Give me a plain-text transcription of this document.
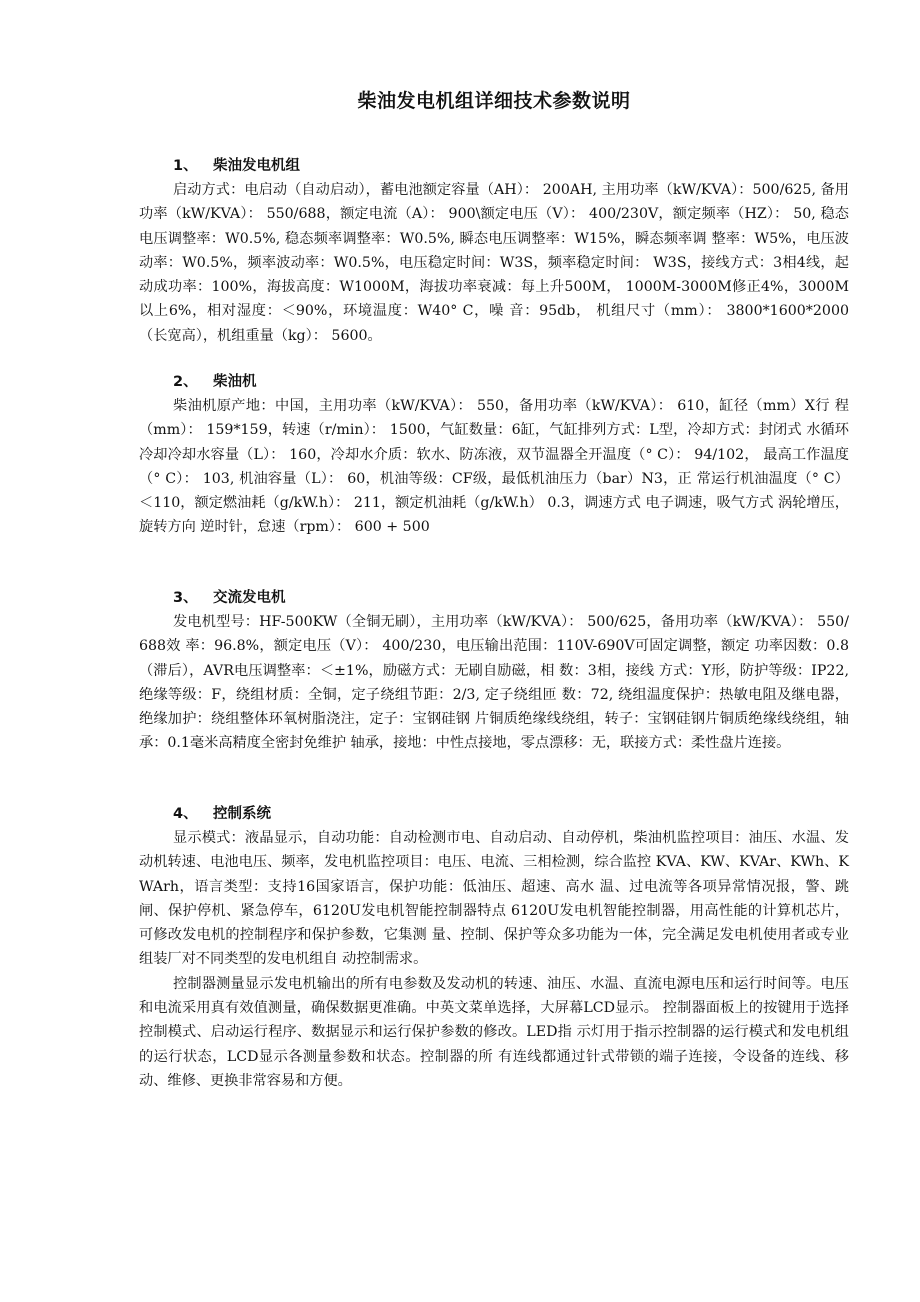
柴油发电机组详细技术参数说明
1、 柴油发电机组

启动方式：电启动（自动启动），蓄电池额定容量（AH）： 200AH, 主用功率（kW/KVA）：500/625, 备用功率（kW/KVA）： 550/688，额定电流（A）： 900\额定电压（V）： 400/230V，额定频率（HZ）： 50, 稳态电压调整率：W0.5%, 稳态频率调整率：W0.5%, 瞬态电压调整率：W15%，瞬态频率调 整率：W5%，电压波动率：W0.5%，频率波动率：W0.5%，电压稳定时间：W3S，频率稳定时间： W3S，接线方式：3相4线，起动成功率：100%，海拔高度：W1000M，海拔功率衰减：每上升500M， 1000M-3000M修正4%，3000M以上6%，相对湿度：＜90%，环境温度：W40° C，噪 音：95db， 机组尺寸（mm）： 3800*1600*2000（长宽高），机组重量（kg）： 5600。

2、 柴油机

柴油机原产地：中国，主用功率（kW/KVA）： 550，备用功率（kW/KVA）： 610，缸径（mm）X行 程（mm）： 159*159，转速（r/min）： 1500，气缸数量：6缸，气缸排列方式：L型，冷却方式：封闭式 水循环冷却冷却水容量（L）： 160，冷却水介质：软水、防冻液，双节温器全开温度（° C）： 94/102， 最高工作温度（° C）： 103, 机油容量（L）： 60，机油等级：CF级，最低机油压力（bar）N3，正 常运行机油温度（° C）＜110，额定燃油耗（g/kW.h）： 211，额定机油耗（g/kW.h） 0.3，调速方式 电子调速，吸气方式 涡轮增压，旋转方向 逆时针，怠速（rpm）： 600 + 500

3、 交流发电机

发电机型号：HF-500KW（全铜无刷），主用功率（kW/KVA）： 500/625，备用功率（kW/KVA）： 550/688效 率：96.8%，额定电压（V）： 400/230，电压输出范围：110V-690V可固定调整，额定 功率因数：0.8（滞后），AVR电压调整率：＜±1%，励磁方式：无刷自励磁，相 数：3相，接线 方式：Y形，防护等级：IP22, 绝缘等级：F，绕组材质：全铜，定子绕组节距：2/3, 定子绕组匝 数：72, 绕组温度保护：热敏电阻及继电器，绝缘加护：绕组整体环氧树脂浇注，定子：宝钢硅钢 片铜质绝缘线绕组，转子：宝钢硅钢片铜质绝缘线绕组，轴承：0.1毫米高精度全密封免维护 轴承，接地：中性点接地，零点漂移：无，联接方式：柔性盘片连接。

4、 控制系统

显示模式：液晶显示，自动功能：自动检测市电、自动启动、自动停机，柴油机监控项目：油压、水温、发动机转速、电池电压、频率，发电机监控项目：电压、电流、三相检测，综合监控 KVA、KW、KVAr、KWh、KWArh，语言类型：支持16国家语言，保护功能：低油压、超速、高水 温、过电流等各项异常情况报，警、跳闸、保护停机、紧急停车，6120U发电机智能控制器特点 6120U发电机智能控制器，用高性能的计算机芯片，可修改发电机的控制程序和保护参数，它集测 量、控制、保护等众多功能为一体，完全满足发电机使用者或专业组装厂对不同类型的发电机组自 动控制需求。

控制器测量显示发电机输出的所有电参数及发动机的转速、油压、水温、直流电源电压和运行时间等。电压和电流采用真有效值测量，确保数据更准确。中英文菜单选择，大屏幕LCD显示。 控制器面板上的按键用于选择控制模式、启动运行程序、数据显示和运行保护参数的修改。LED指 示灯用于指示控制器的运行模式和发电机组的运行状态，LCD显示各测量参数和状态。控制器的所 有连线都通过针式带锁的端子连接，令设备的连线、移动、维修、更换非常容易和方便。
